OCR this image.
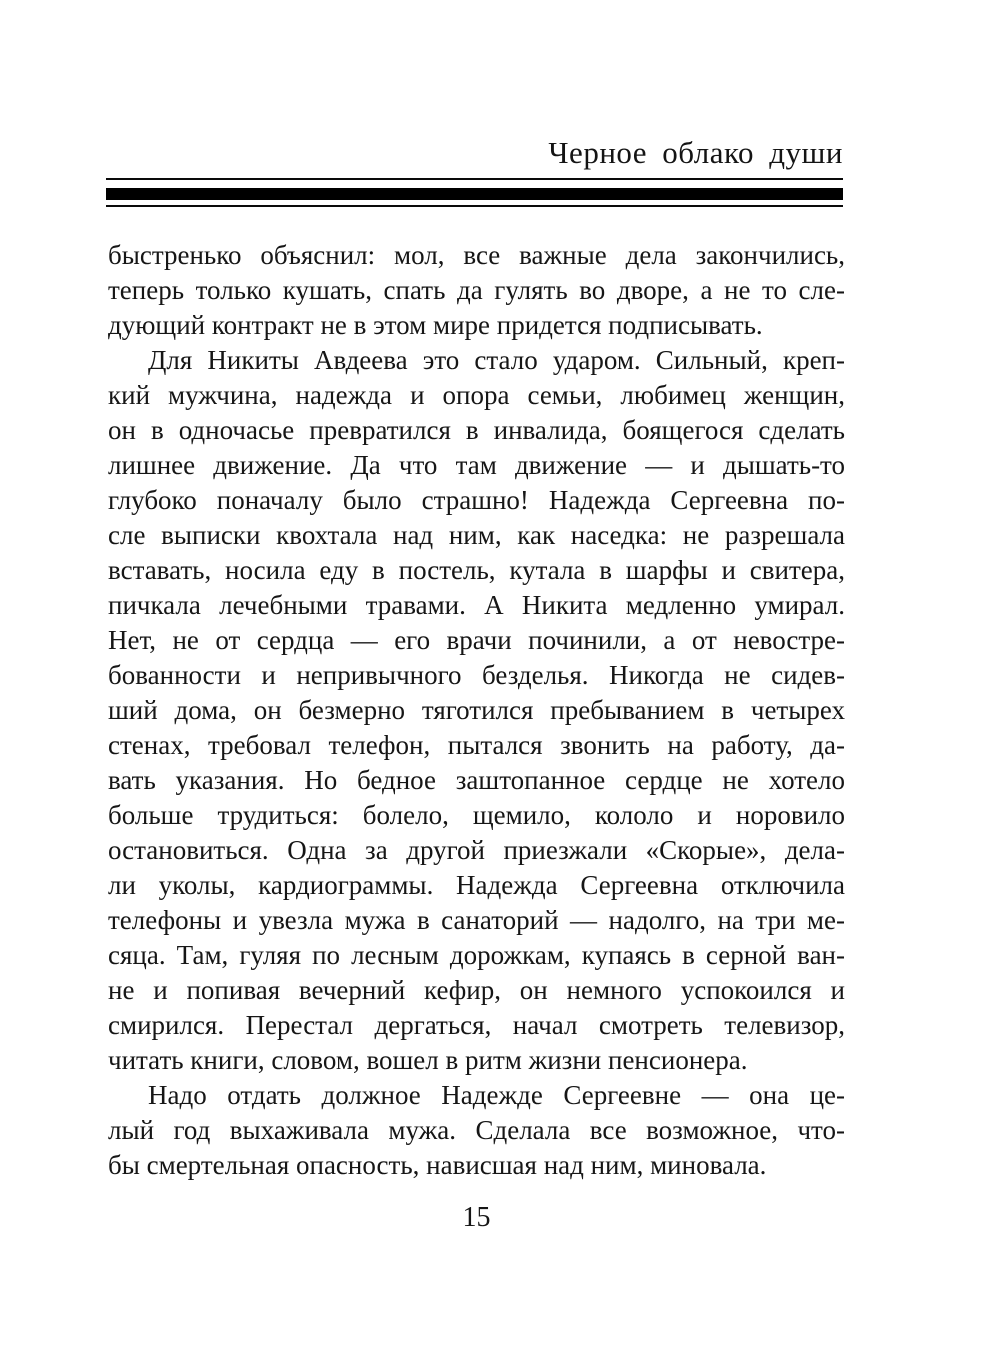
Черное облако души
быстренько объяснил: мол, все важные дела закончились,
теперь только кушать, спать да гулять во дворе, а не то сле-
дующий контракт не в этом мире придется подписывать.
Для Никиты Авдеева это стало ударом. Сильный, креп-
кий мужчина, надежда и опора семьи, любимец женщин,
он в одночасье превратился в инвалида, боящегося сделать
лишнее движение. Да что там движение — и дышать-то
глубоко поначалу было страшно! Надежда Сергеевна по-
сле выписки квохтала над ним, как наседка: не разрешала
вставать, носила еду в постель, кутала в шарфы и свитера,
пичкала лечебными травами. А Никита медленно умирал.
Нет, не от сердца — его врачи починили, а от невостре-
бованности и непривычного безделья. Никогда не сидев-
ший дома, он безмерно тяготился пребыванием в четырех
стенах, требовал телефон, пытался звонить на работу, да-
вать указания. Но бедное заштопанное сердце не хотело
больше трудиться: болело, щемило, кололо и норовило
остановиться. Одна за другой приезжали «Скорые», дела-
ли уколы, кардиограммы. Надежда Сергеевна отключила
телефоны и увезла мужа в санаторий — надолго, на три ме-
сяца. Там, гуляя по лесным дорожкам, купаясь в серной ван-
не и попивая вечерний кефир, он немного успокоился и
смирился. Перестал дергаться, начал смотреть телевизор,
читать книги, словом, вошел в ритм жизни пенсионера.
Надо отдать должное Надежде Сергеевне — она це-
лый год выхаживала мужа. Сделала все возможное, что-
бы смертельная опасность, нависшая над ним, миновала.
15
